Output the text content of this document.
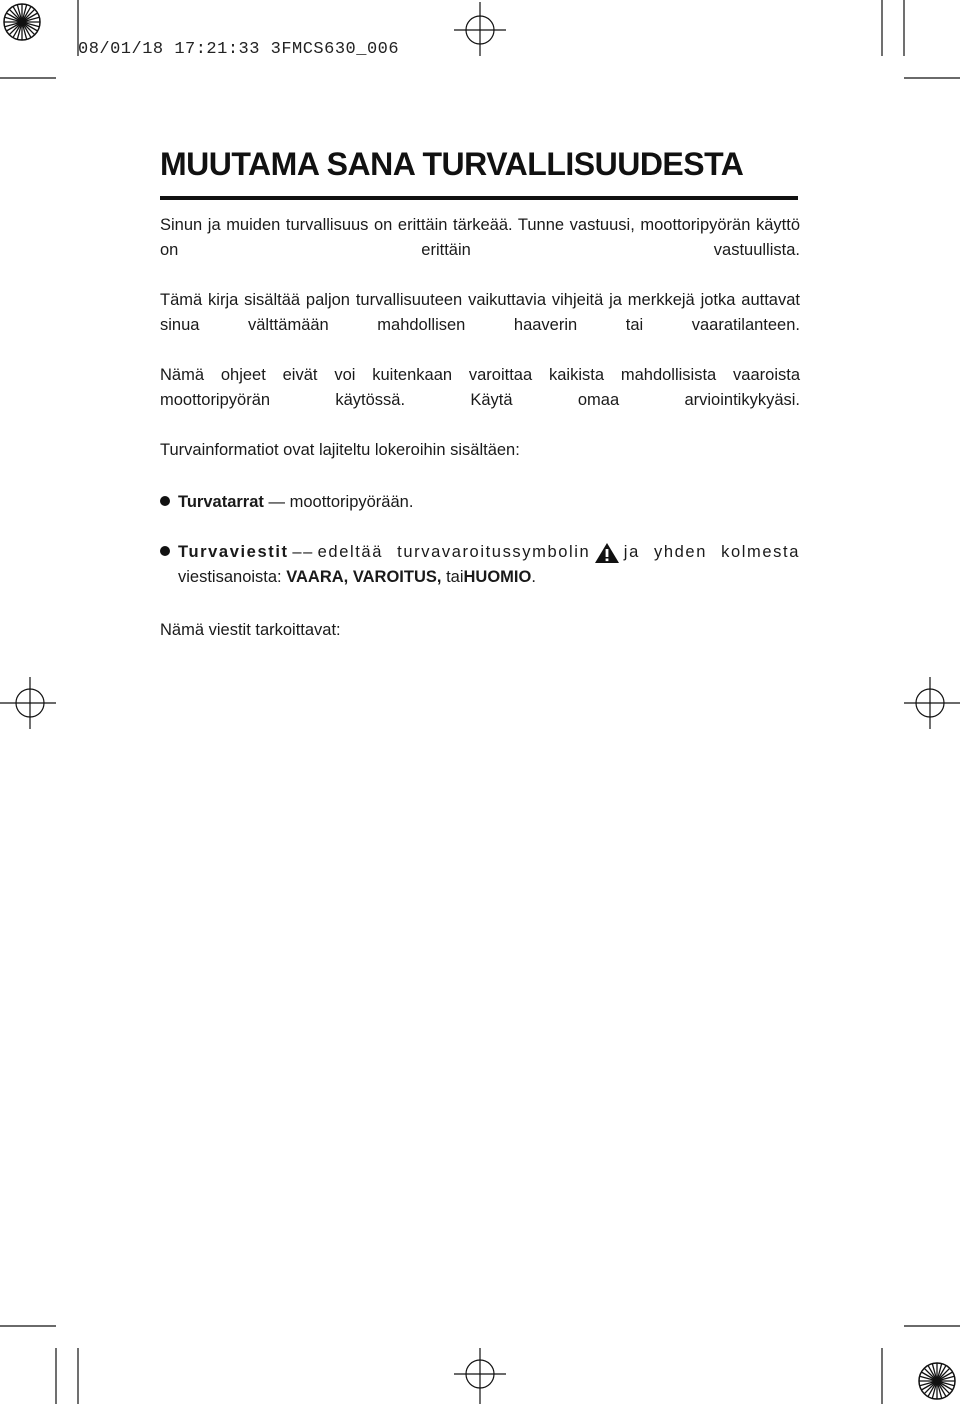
08/01/18 17:21:33 3FMCS630_006
MUUTAMA SANA TURVALLISUUDESTA

Sinun ja muiden turvallisuus on erittäin tärkeää. Tunne vastuusi, moottoripyörän käyttö on erittäin vastuullista.

Tämä kirja sisältää paljon turvallisuuteen vaikuttavia vihjeitä ja merkkejä jotka auttavat sinua välttämään mahdollisen haaverin tai vaaratilanteen.

Nämä ohjeet eivät voi kuitenkaan varoittaa kaikista mahdollisista vaaroista moottoripyörän käytössä. Käytä omaa arviointikykyäsi.

Turvainformatiot ovat lajiteltu lokeroihin sisältäen:

Turvatarrat — moottoripyörään.
Turvaviestit –– edeltää turvavaroitussymbolin ja yhden kolmesta
viestisanoista: VAARA, VAROITUS, taiHUOMIO.

Nämä viestit tarkoittavat:
